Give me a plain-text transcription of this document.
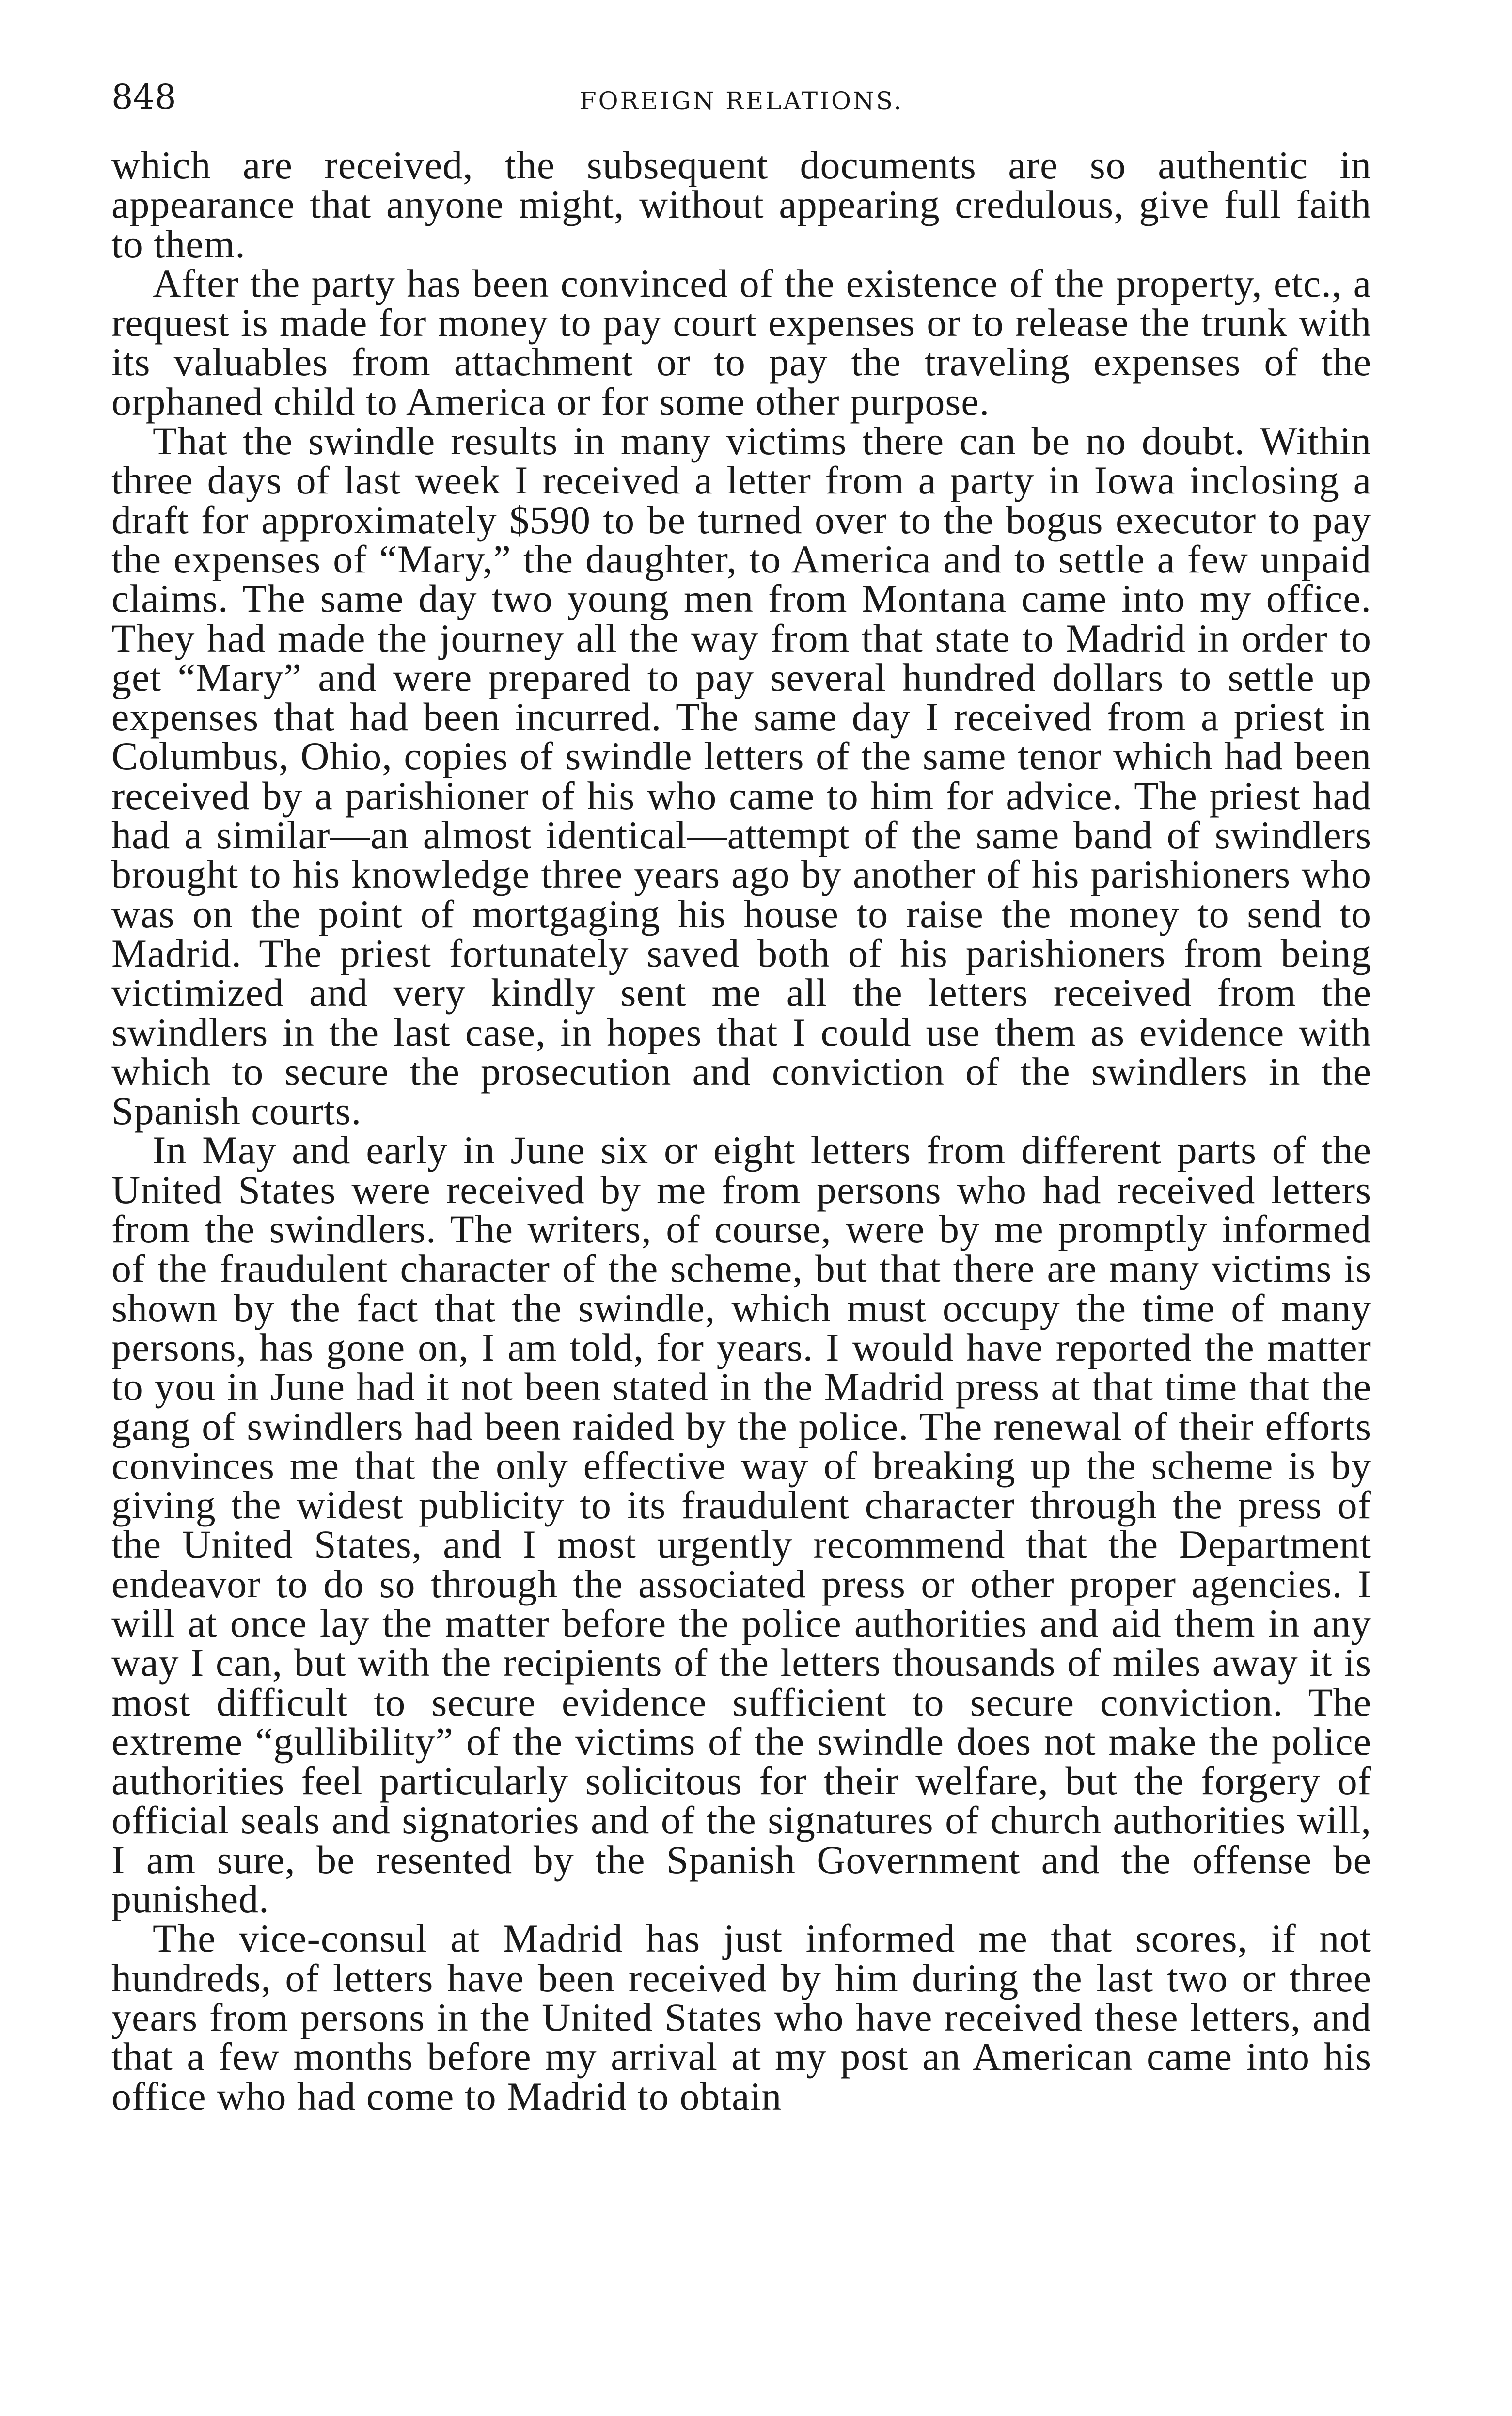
848	FOREIGN RELATIONS.

which are received, the subsequent documents are so authentic in appearance that anyone might, without appearing credulous, give full faith to them.

After the party has been convinced of the existence of the property, etc., a request is made for money to pay court expenses or to release the trunk with its valuables from attachment or to pay the traveling expenses of the orphaned child to America or for some other purpose.

That the swindle results in many victims there can be no doubt. Within three days of last week I received a letter from a party in Iowa inclosing a draft for approximately $590 to be turned over to the bogus executor to pay the expenses of “Mary,” the daughter, to America and to settle a few unpaid claims. The same day two young men from Montana came into my office. They had made the journey all the way from that state to Madrid in order to get “Mary” and were prepared to pay several hundred dollars to settle up expenses that had been incurred. The same day I received from a priest in Columbus, Ohio, copies of swindle letters of the same tenor which had been received by a parishioner of his who came to him for advice. The priest had had a similar—an almost identical—attempt of the same band of swindlers brought to his knowledge three years ago by another of his parishioners who was on the point of mortgaging his house to raise the money to send to Madrid. The priest fortunately saved both of his parishioners from being victimized and very kindly sent me all the letters received from the swindlers in the last case, in hopes that I could use them as evidence with which to secure the prosecution and conviction of the swindlers in the Spanish courts.

In May and early in June six or eight letters from different parts of the United States were received by me from persons who had received letters from the swindlers. The writers, of course, were by me promptly informed of the fraudulent character of the scheme, but that there are many victims is shown by the fact that the swindle, which must occupy the time of many persons, has gone on, I am told, for years. I would have reported the matter to you in June had it not been stated in the Madrid press at that time that the gang of swindlers had been raided by the police. The renewal of their efforts convinces me that the only effective way of breaking up the scheme is by giving the widest publicity to its fraudulent character through the press of the United States, and I most urgently recommend that the Department endeavor to do so through the associated press or other proper agencies. I will at once lay the matter before the police authorities and aid them in any way I can, but with the recipients of the letters thousands of miles away it is most difficult to secure evidence sufficient to secure conviction. The extreme “gullibility” of the victims of the swindle does not make the police authorities feel particularly solicitous for their welfare, but the forgery of official seals and signatories and of the signatures of church authorities will, I am sure, be resented by the Spanish Government and the offense be punished.

The vice-consul at Madrid has just informed me that scores, if not hundreds, of letters have been received by him during the last two or three years from persons in the United States who have received these letters, and that a few months before my arrival at my post an American came into his office who had come to Madrid to obtain
